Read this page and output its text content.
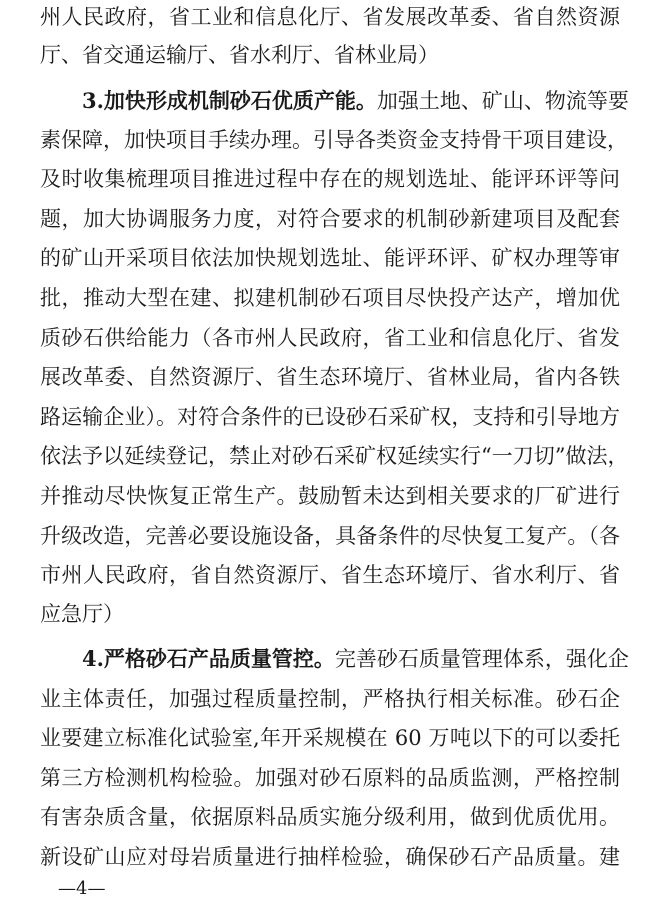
州人民政府，省工业和信息化厅、省发展改革委、省自然资源
厅、省交通运输厅、省水利厅、省林业局）
3.加快形成机制砂石优质产能。加强土地、矿山、物流等要
素保障，加快项目手续办理。引导各类资金支持骨干项目建设，
及时收集梳理项目推进过程中存在的规划选址、能评环评等问
题，加大协调服务力度，对符合要求的机制砂新建项目及配套
的矿山开采项目依法加快规划选址、能评环评、矿权办理等审
批，推动大型在建、拟建机制砂石项目尽快投产达产，增加优
质砂石供给能力（各市州人民政府，省工业和信息化厅、省发
展改革委、自然资源厅、省生态环境厅、省林业局，省内各铁
路运输企业）。对符合条件的已设砂石采矿权，支持和引导地方
依法予以延续登记，禁止对砂石采矿权延续实行“一刀切”做法，
并推动尽快恢复正常生产。鼓励暂未达到相关要求的厂矿进行
升级改造，完善必要设施设备，具备条件的尽快复工复产。（各
市州人民政府，省自然资源厅、省生态环境厅、省水利厅、省
应急厅）
4.严格砂石产品质量管控。完善砂石质量管理体系，强化企
业主体责任，加强过程质量控制，严格执行相关标准。砂石企
业要建立标准化试验室,年开采规模在 60 万吨以下的可以委托
第三方检测机构检验。加强对砂石原料的品质监测，严格控制
有害杂质含量，依据原料品质实施分级利用，做到优质优用。
新设矿山应对母岩质量进行抽样检验，确保砂石产品质量。建
—4—
